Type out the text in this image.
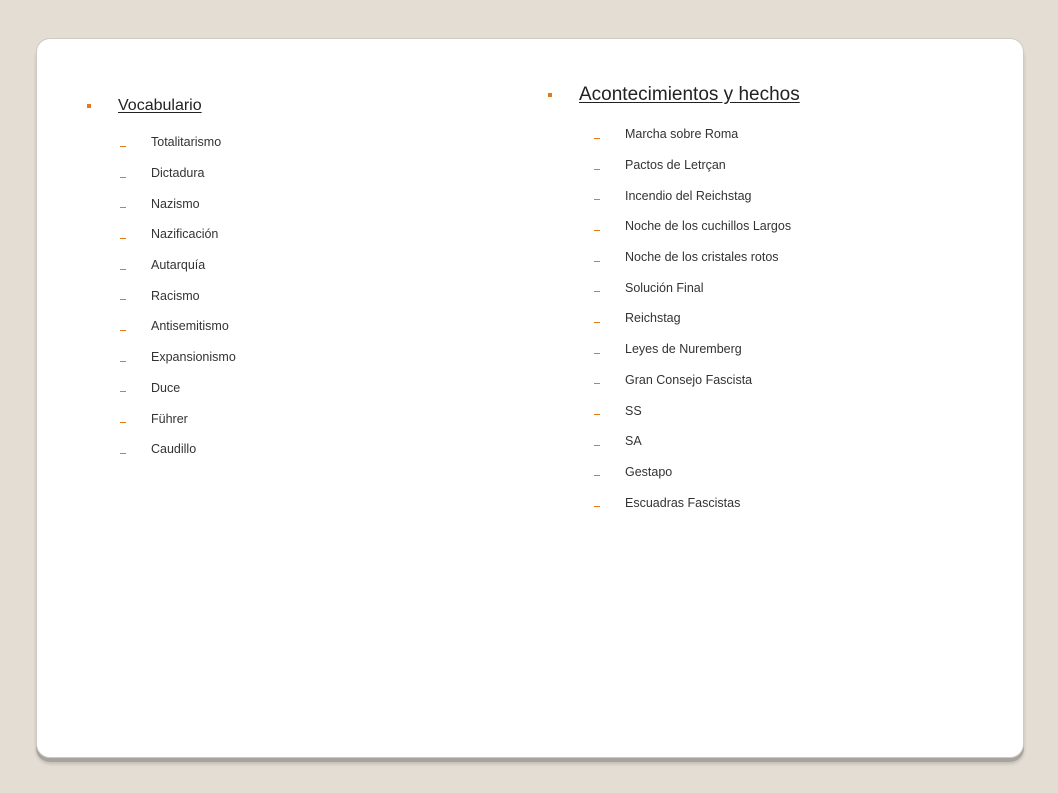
Vocabulario
Totalitarismo
Dictadura
Nazismo
Nazificación
Autarquía
Racismo
Antisemitismo
Expansionismo
Duce
Führer
Caudillo
Acontecimientos y hechos
Marcha sobre Roma
Pactos de Letrçan
Incendio del Reichstag
Noche de los cuchillos Largos
Noche de los cristales rotos
Solución Final
Reichstag
Leyes de Nuremberg
Gran Consejo Fascista
SS
SA
Gestapo
Escuadras Fascistas
